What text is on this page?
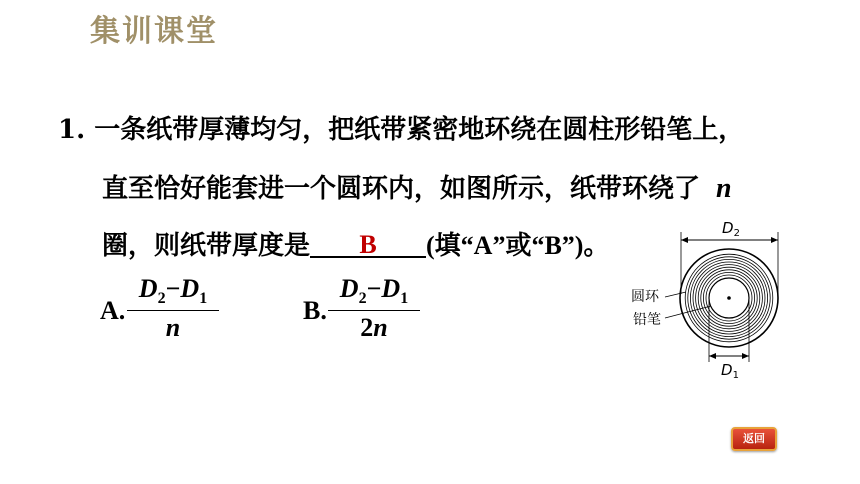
集训课堂
1. 一条纸带厚薄均匀，把纸带紧密地环绕在圆柱形铅笔上，
直至恰好能套进一个圆环内，如图所示，纸带环绕了 n
圈，则纸带厚度是	B	(填“A”或“B”)。
A.
$D_2-D_1$
n
B.
$D_2-D_1$
2n
$D_2$
圆环
铅笔
$D_1$
返回
